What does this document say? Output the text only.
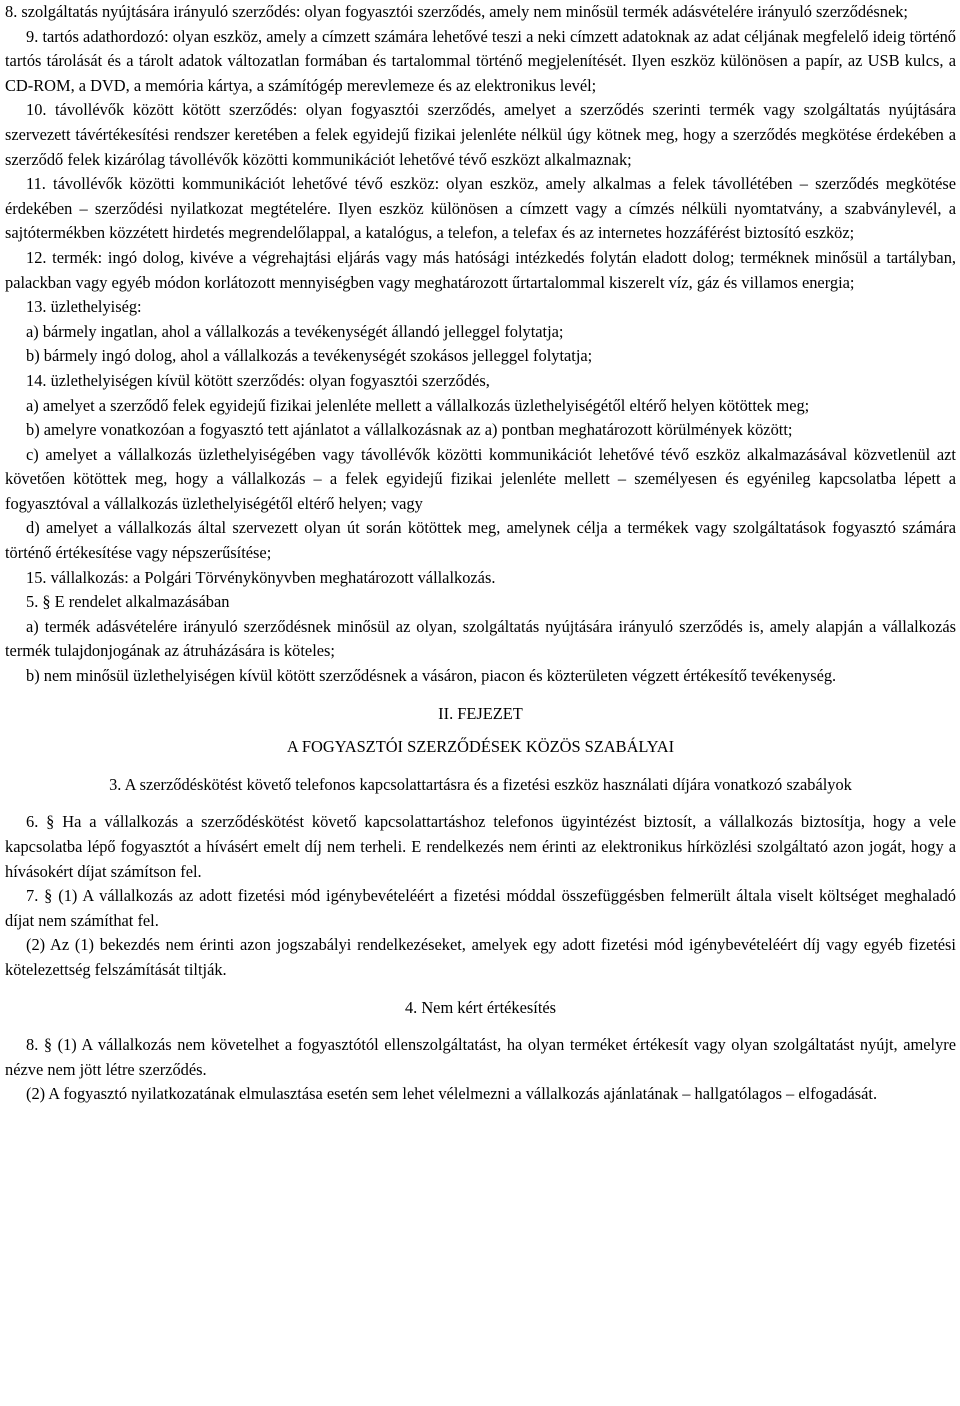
8. szolgáltatás nyújtására irányuló szerződés: olyan fogyasztói szerződés, amely nem minősül termék adásvételére irányuló szerződésnek;

9. tartós adathordozó: olyan eszköz, amely a címzett számára lehetővé teszi a neki címzett adatoknak az adat céljának megfelelő ideig történő tartós tárolását és a tárolt adatok változatlan formában és tartalommal történő megjelenítését. Ilyen eszköz különösen a papír, az USB kulcs, a CD-ROM, a DVD, a memória kártya, a számítógép merevlemeze és az elektronikus levél;

10. távollévők között kötött szerződés: olyan fogyasztói szerződés, amelyet a szerződés szerinti termék vagy szolgáltatás nyújtására szervezett távértékesítési rendszer keretében a felek egyidejű fizikai jelenléte nélkül úgy kötnek meg, hogy a szerződés megkötése érdekében a szerződő felek kizárólag távollévők közötti kommunikációt lehetővé tévő eszközt alkalmaznak;

11. távollévők közötti kommunikációt lehetővé tévő eszköz: olyan eszköz, amely alkalmas a felek távollétében – szerződés megkötése érdekében – szerződési nyilatkozat megtételére. Ilyen eszköz különösen a címzett vagy a címzés nélküli nyomtatvány, a szabványlevél, a sajtótermékben közzétett hirdetés megrendelőlappal, a katalógus, a telefon, a telefax és az internetes hozzáférést biztosító eszköz;

12. termék: ingó dolog, kivéve a végrehajtási eljárás vagy más hatósági intézkedés folytán eladott dolog; terméknek minősül a tartályban, palackban vagy egyéb módon korlátozott mennyiségben vagy meghatározott űrtartalommal kiszerelt víz, gáz és villamos energia;

13. üzlethelyiség:

a) bármely ingatlan, ahol a vállalkozás a tevékenységét állandó jelleggel folytatja;

b) bármely ingó dolog, ahol a vállalkozás a tevékenységét szokásos jelleggel folytatja;

14. üzlethelyiségen kívül kötött szerződés: olyan fogyasztói szerződés,

a) amelyet a szerződő felek egyidejű fizikai jelenléte mellett a vállalkozás üzlethelyiségétől eltérő helyen kötöttek meg;

b) amelyre vonatkozóan a fogyasztó tett ajánlatot a vállalkozásnak az a) pontban meghatározott körülmények között;

c) amelyet a vállalkozás üzlethelyiségében vagy távollévők közötti kommunikációt lehetővé tévő eszköz alkalmazásával közvetlenül azt követően kötöttek meg, hogy a vállalkozás – a felek egyidejű fizikai jelenléte mellett – személyesen és egyénileg kapcsolatba lépett a fogyasztóval a vállalkozás üzlethelyiségétől eltérő helyen; vagy

d) amelyet a vállalkozás által szervezett olyan út során kötöttek meg, amelynek célja a termékek vagy szolgáltatások fogyasztó számára történő értékesítése vagy népszerűsítése;

15. vállalkozás: a Polgári Törvénykönyvben meghatározott vállalkozás.

5. § E rendelet alkalmazásában

a) termék adásvételére irányuló szerződésnek minősül az olyan, szolgáltatás nyújtására irányuló szerződés is, amely alapján a vállalkozás termék tulajdonjogának az átruházására is köteles;

b) nem minősül üzlethelyiségen kívül kötött szerződésnek a vásáron, piacon és közterületen végzett értékesítő tevékenység.

II. FEJEZET

A FOGYASZTÓI SZERZŐDÉSEK KÖZÖS SZABÁLYAI

3. A szerződéskötést követő telefonos kapcsolattartásra és a fizetési eszköz használati díjára vonatkozó szabályok

6. § Ha a vállalkozás a szerződéskötést követő kapcsolattartáshoz telefonos ügyintézést biztosít, a vállalkozás biztosítja, hogy a vele kapcsolatba lépő fogyasztót a hívásért emelt díj nem terheli. E rendelkezés nem érinti az elektronikus hírközlési szolgáltató azon jogát, hogy a hívásokért díjat számítson fel.

7. § (1) A vállalkozás az adott fizetési mód igénybevételéért a fizetési móddal összefüggésben felmerült általa viselt költséget meghaladó díjat nem számíthat fel.

(2) Az (1) bekezdés nem érinti azon jogszabályi rendelkezéseket, amelyek egy adott fizetési mód igénybevételéért díj vagy egyéb fizetési kötelezettség felszámítását tiltják.

4. Nem kért értékesítés

8. § (1) A vállalkozás nem követelhet a fogyasztótól ellenszolgáltatást, ha olyan terméket értékesít vagy olyan szolgáltatást nyújt, amelyre nézve nem jött létre szerződés.

(2) A fogyasztó nyilatkozatának elmulasztása esetén sem lehet vélelmezni a vállalkozás ajánlatának – hallgatólagos – elfogadását.
